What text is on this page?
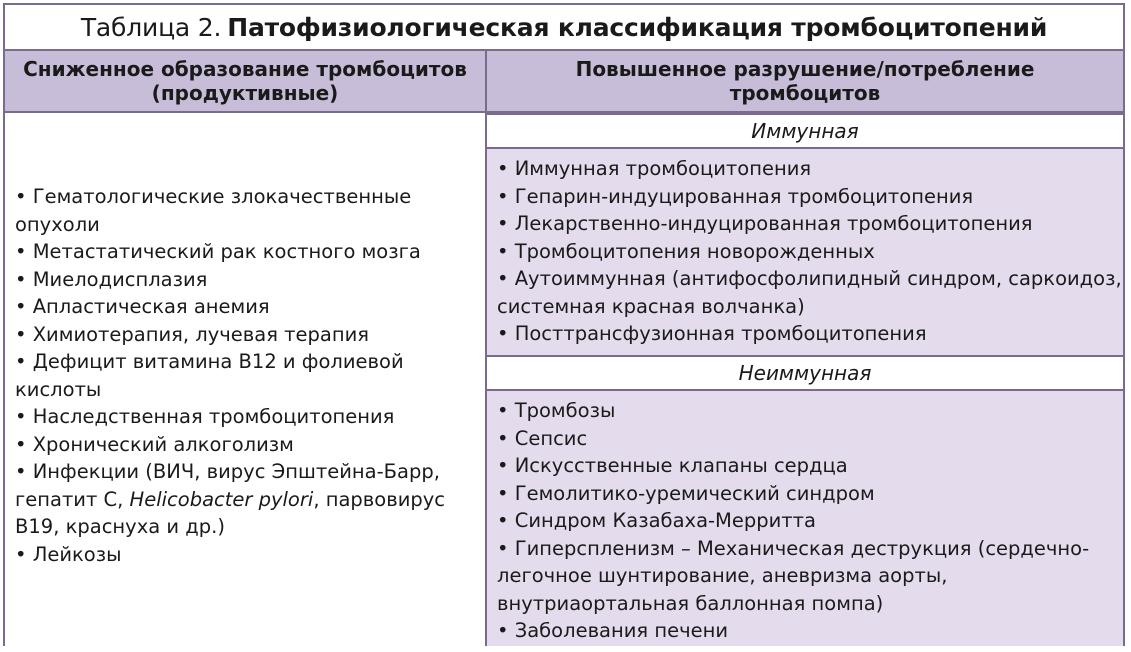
Таблица 2. Патофизиологическая классификация тромбоцитопений
Сниженное образование тромбоцитов (продуктивные)
Повышенное разрушение/потребление тромбоцитов
• Гематологические злокачественные опухоли
• Метастатический рак костного мозга
• Миелодисплазия
• Апластическая анемия
• Химиотерапия, лучевая терапия
• Дефицит витамина В12 и фолиевой кислоты
• Наследственная тромбоцитопения
• Хронический алкоголизм
• Инфекции (ВИЧ, вирус Эпштейна-Барр, гепатит С, Helicobacter pylori, парвовирус В19, краснуха и др.)
• Лейкозы
Иммунная
• Иммунная тромбоцитопения
• Гепарин-индуцированная тромбоцитопения
• Лекарственно-индуцированная тромбоцитопения
• Тромбоцитопения новорожденных
• Аутоиммунная (антифосфолипидный синдром, саркоидоз, системная красная волчанка)
• Посттрансфузионная тромбоцитопения
Неиммунная
• Тромбозы
• Сепсис
• Искусственные клапаны сердца
• Гемолитико-уремический синдром
• Синдром Казабаха-Мерритта
• Гиперспленизм – Механическая деструкция (сердечно-легочное шунтирование, аневризма аорты, внутриаортальная баллонная помпа)
• Заболевания печени
